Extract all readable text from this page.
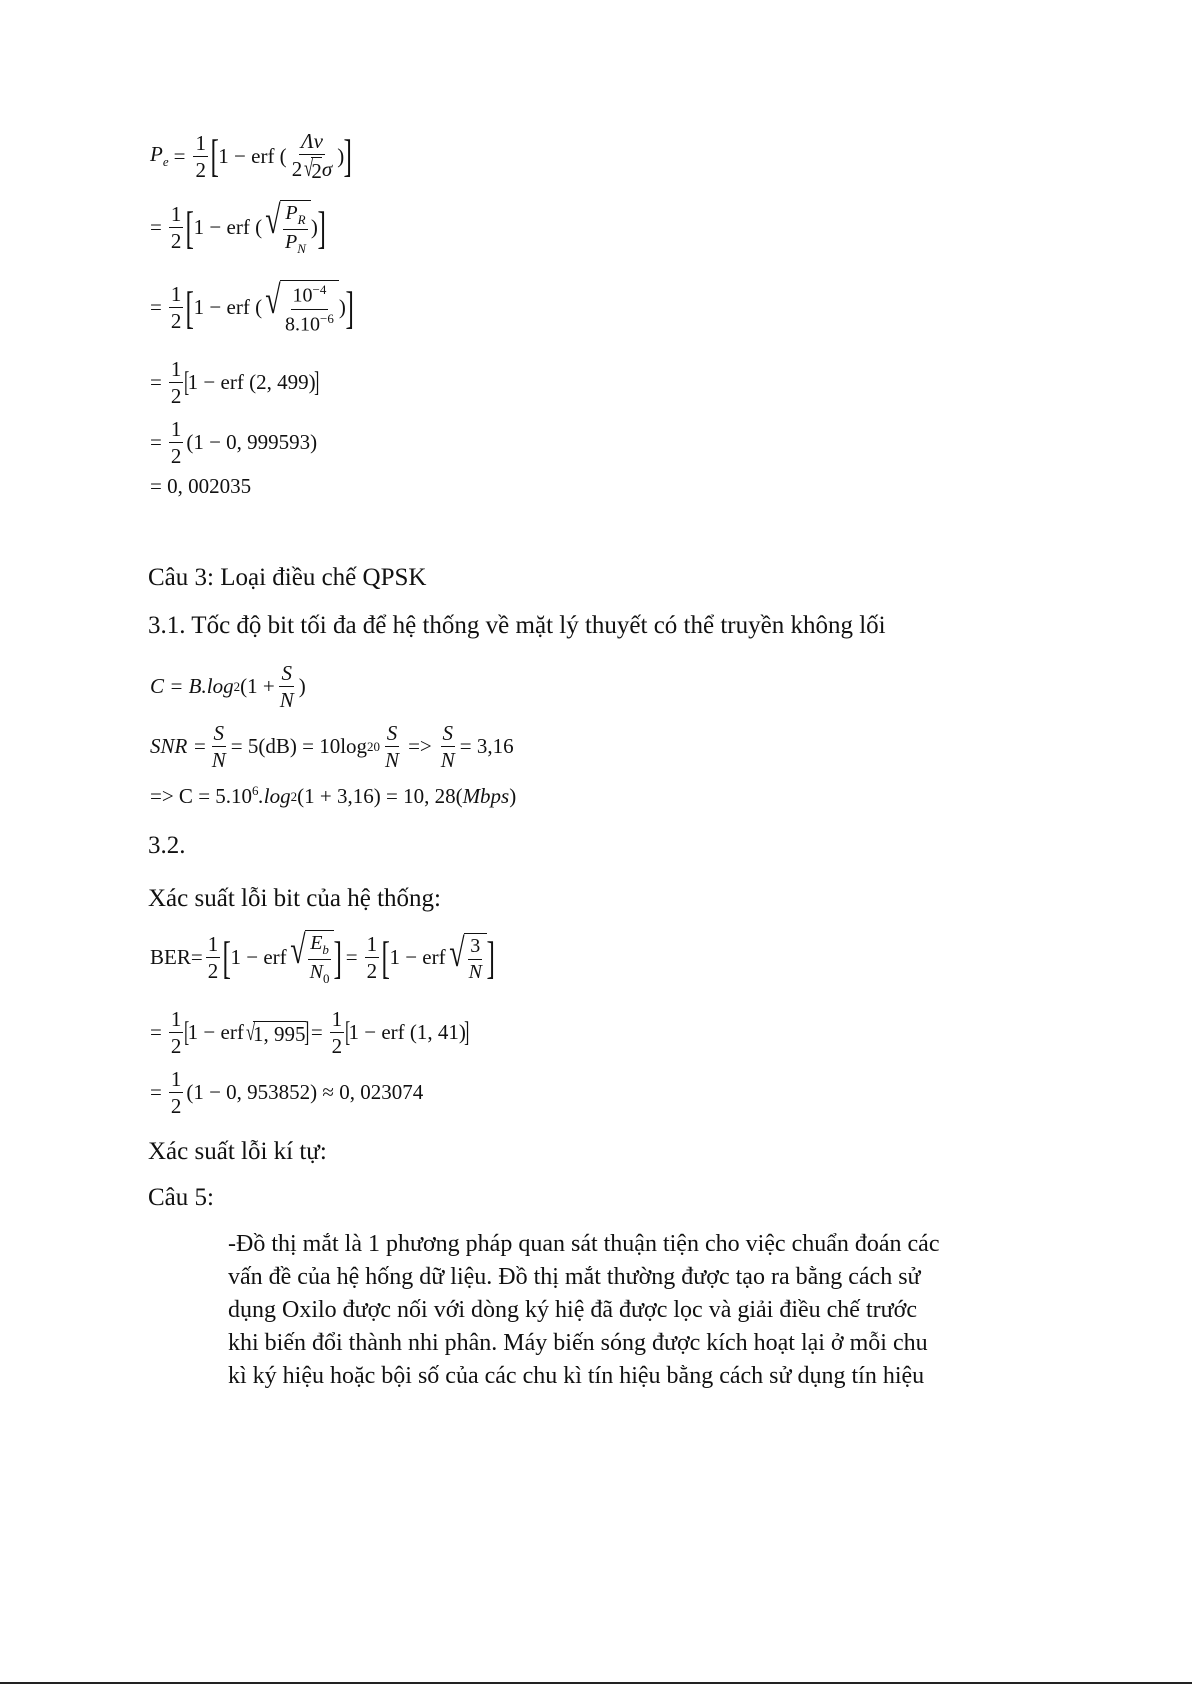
$P_e = \frac{1}{2}$ [ 1 − erf ( Λv
2 √
2 σ ) ]
= $\frac{1}{2}$ [ 1 − erf ( √ $\frac{P_R}{P_N}$ ) ]
= $\frac{1}{2}$ [ 1 − erf ( √ $\frac{10^{-4}}{8.10^{-6}}$ ) ]
= $\frac{1}{2}$ [
1 − erf (2, 499)
]
= $\frac{1}{2} (1 - 0$, 999593)
= 0, 002035
Câu 3: Loại điều chế QPSK
3.1. Tốc độ bit tối đa để hệ thống về mặt lý thuyết có thể truyền không lối
C = B.log 2 ($1 + \frac{S}{N}$ )
SNR = $\frac{S}{N} = 5(dB) = 10\log$ $20 \frac{S}{N} => \frac{S}{N} = 3,16$
=> $C = 5.10^6$ .log 2 (1 + 3,16) = 10, 28( Mbps )
3.2.
Xác suất lỗi bit của hệ thống:
$BER= \frac{1}{2}$ [ 1 − erf √ $\frac{E_b}{N_0}$ ] = $\frac{1}{2}$ [ 1 − erf √ $\frac{3}{N}$ ]
= $\frac{1}{2}$ [
1 − erf √
1, 995
] = $\frac{1}{2}$ [
1 − erf (1, 41)
]
= $\frac{1}{2} (1 - 0$, 953852) ≈ 0, 023074
Xác suất lỗi kí tự:
Câu 5:
-Đồ thị mắt là 1 phương pháp quan sát thuận tiện cho việc chuẩn đoán các
vấn đề của hệ hống dữ liệu. Đồ thị mắt thường được tạo ra bằng cách sử
dụng Oxilo được nối với dòng ký hiệ đã được lọc và giải điều chế trước
khi biến đổi thành nhi phân. Máy biến sóng được kích hoạt lại ở mỗi chu
kì ký hiệu hoặc bội số của các chu kì tín hiệu bằng cách sử dụng tín hiệu
